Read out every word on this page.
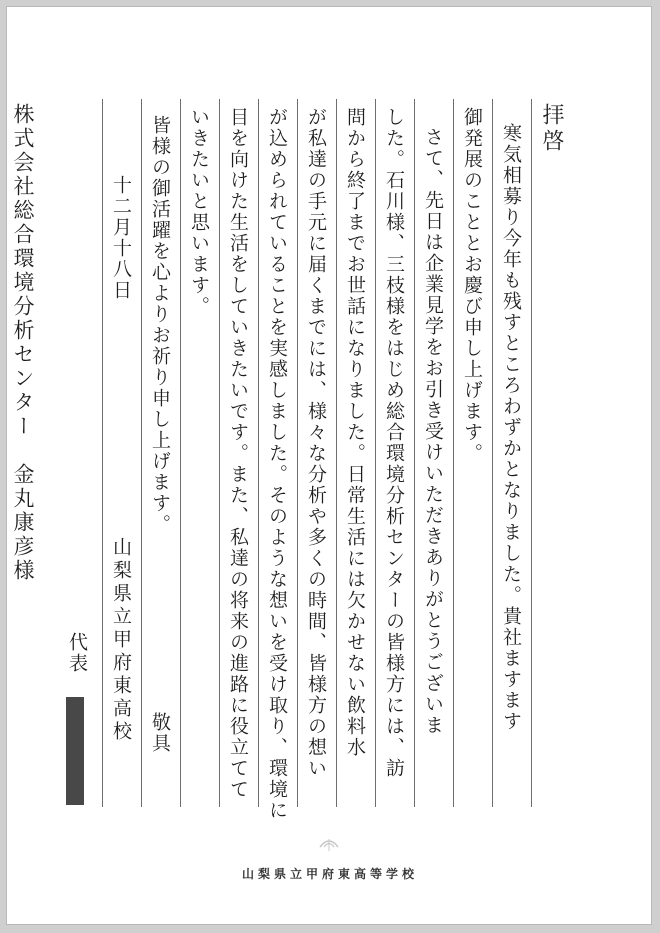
拝啓
寒気相募り今年も残すところわずかとなりました。貴社ますます
御発展のこととお慶び申し上げます。
さて、先日は企業見学をお引き受けいただきありがとうございま
した。石川様、三枝様をはじめ総合環境分析センターの皆様方には、訪
問から終了までお世話になりました。日常生活には欠かせない飲料水
が私達の手元に届くまでには、様々な分析や多くの時間、皆様方の想い
が込められていることを実感しました。そのような想いを受け取り、環境に
目を向けた生活をしていきたいです。また、私達の将来の進路に役立てて
いきたいと思います。
皆様の御活躍を心よりお祈り申し上げます。
敬具
十二月十八日
山梨県立甲府東高校
株式会社総合環境分析センター　金丸康彦様
代表
山梨県立甲府東高等学校
